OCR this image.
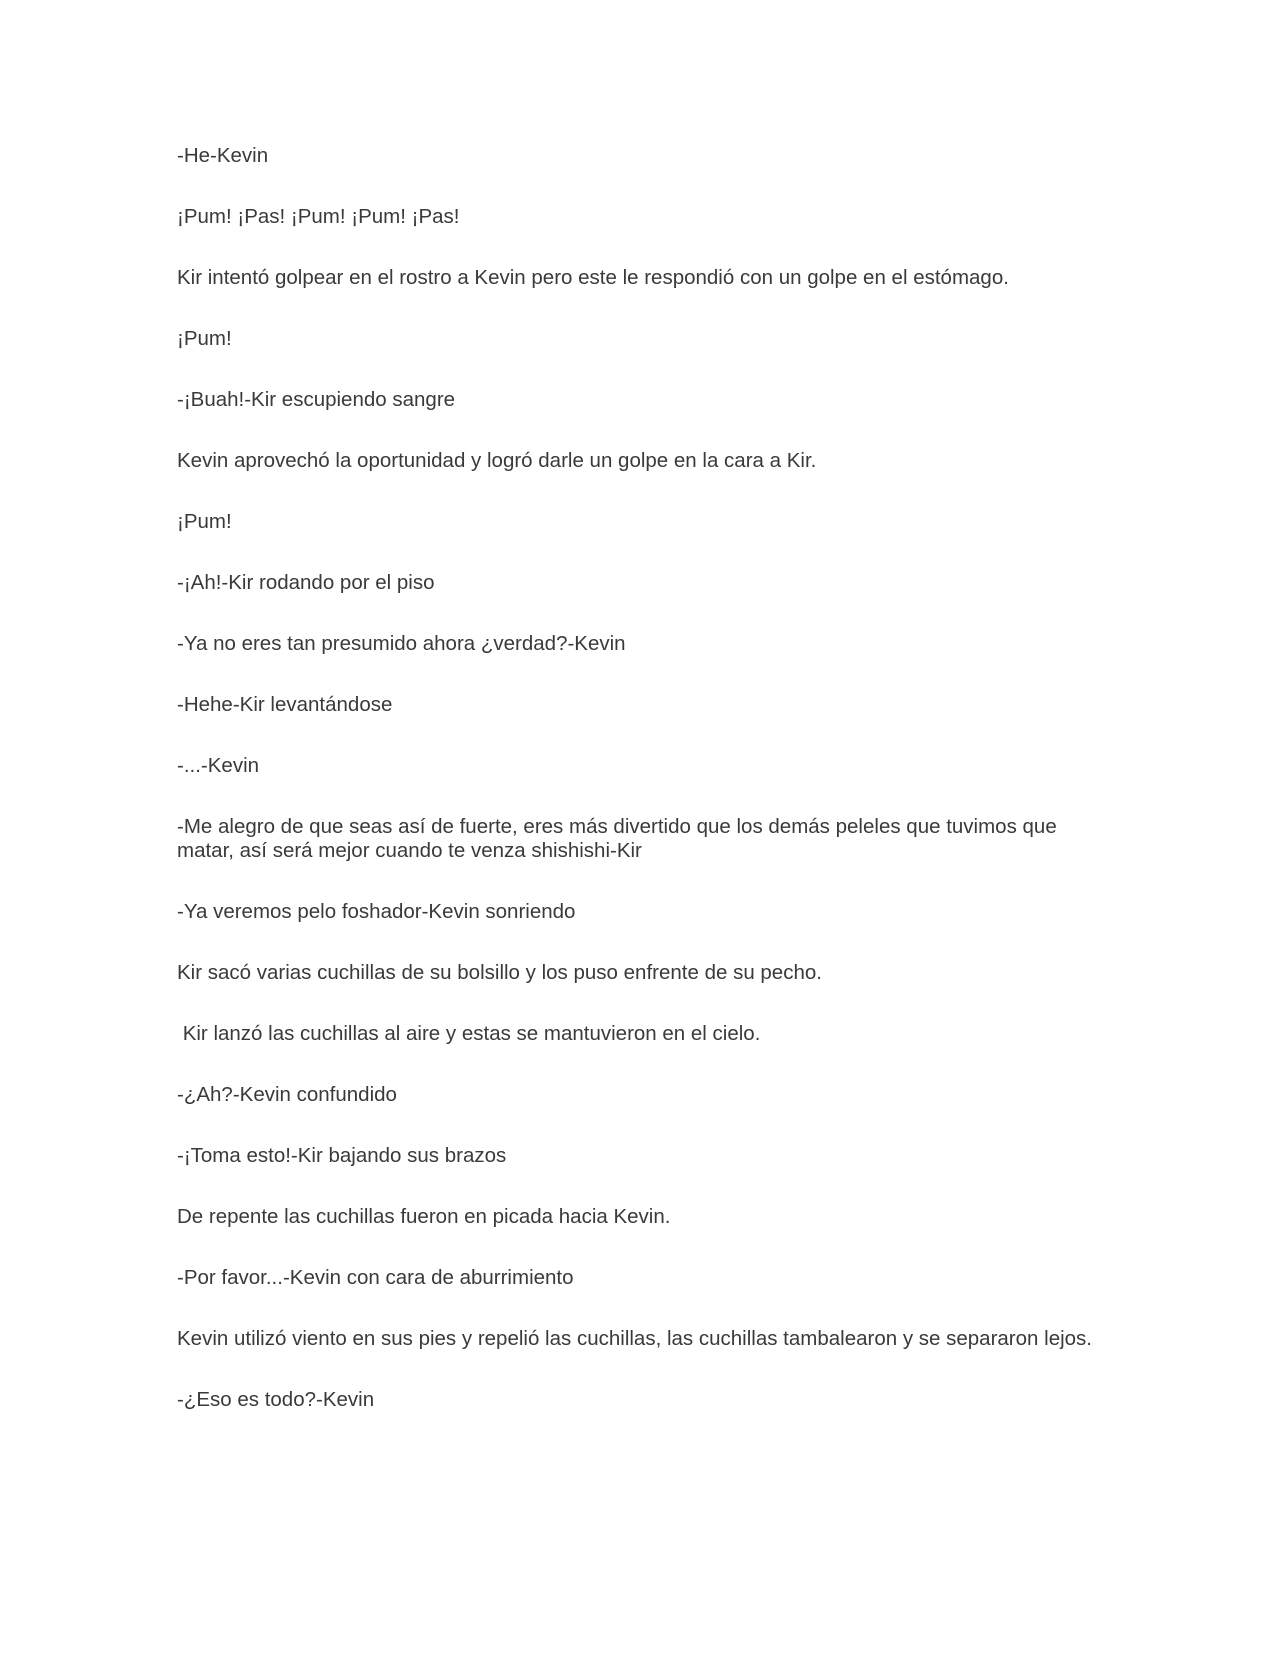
-He-Kevin

¡Pum! ¡Pas! ¡Pum! ¡Pum! ¡Pas!

Kir intentó golpear en el rostro a Kevin pero este le respondió con un golpe en el estómago.

¡Pum!

-¡Buah!-Kir escupiendo sangre

Kevin aprovechó la oportunidad y logró darle un golpe en la cara a Kir.

¡Pum!

-¡Ah!-Kir rodando por el piso

-Ya no eres tan presumido ahora ¿verdad?-Kevin

-Hehe-Kir levantándose

-...-Kevin

-Me alegro de que seas así de fuerte, eres más divertido que los demás peleles que tuvimos que matar, así será mejor cuando te venza shishishi-Kir

-Ya veremos pelo foshador-Kevin sonriendo

Kir sacó varias cuchillas de su bolsillo y los puso enfrente de su pecho.

Kir lanzó las cuchillas al aire y estas se mantuvieron en el cielo.

-¿Ah?-Kevin confundido

-¡Toma esto!-Kir bajando sus brazos

De repente las cuchillas fueron en picada hacia Kevin.

-Por favor...-Kevin con cara de aburrimiento

Kevin utilizó viento en sus pies y repelió las cuchillas, las cuchillas tambalearon y se separaron lejos.

-¿Eso es todo?-Kevin
